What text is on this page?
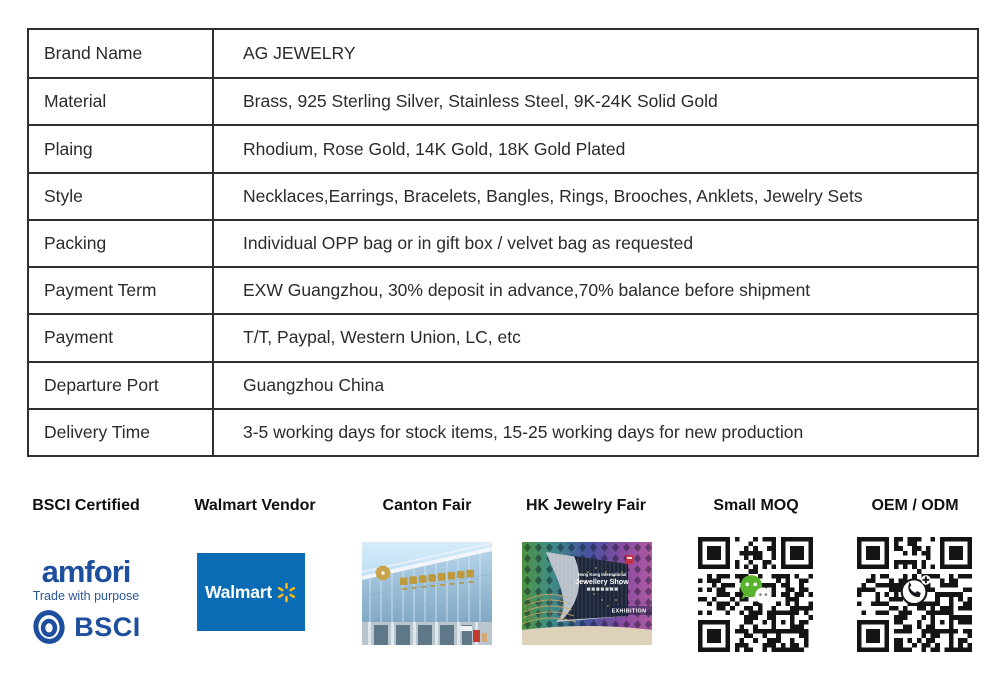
Brand Name	AG JEWELRY
Material	Brass, 925 Sterling Silver, Stainless Steel, 9K-24K Solid Gold
Plaing	Rhodium, Rose Gold, 14K Gold, 18K Gold Plated
Style	Necklaces,Earrings, Bracelets, Bangles, Rings, Brooches, Anklets, Jewelry Sets
Packing	Individual OPP bag or in gift box / velvet bag as requested
Payment Term	EXW Guangzhou, 30% deposit in advance,70% balance before shipment
Payment	T/T, Paypal, Western Union, LC, etc
Departure Port	Guangzhou China
Delivery Time	3-5 working days for stock items, 15-25 working days for new production
BSCI Certified	Walmart Vendor	Canton Fair	HK Jewelry Fair	Small MOQ	OEM / ODM
amfori
Trade with purpose
BSCI
Walmart
Hong Kong International
Jewellery Show
EXHIBITION
